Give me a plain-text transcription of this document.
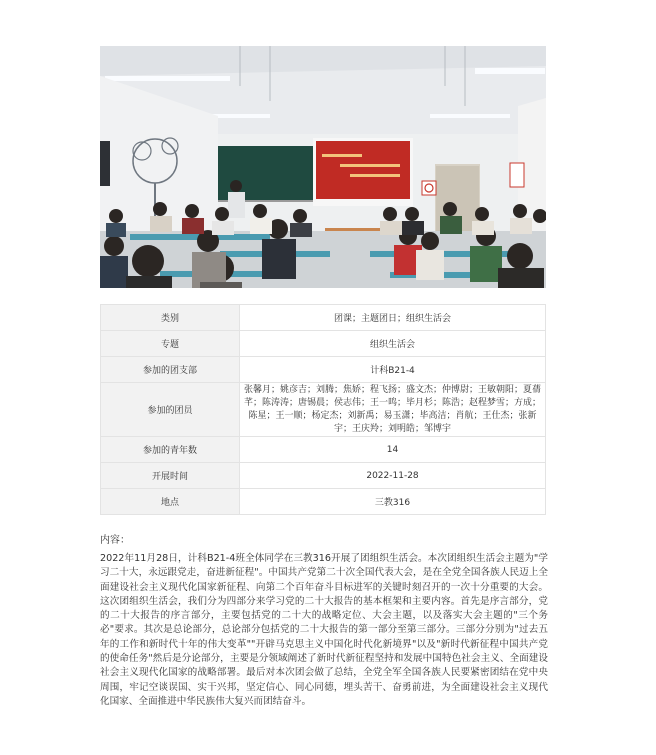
类别	团课；主题团日；组织生活会
专题	组织生活会
参加的团支部	计科B21-4
参加的团员	张馨月；姚彦吉；刘腾；焦娇；程飞扬；盛文杰；仲博尉；王敏朝阳；夏蒨芊；陈涛涛；唐锡晨；侯志伟；王一鸣；毕月杉；陈浩；赵程梦雪；方成；陈星；王一顺；杨定杰；刘新禹；易玉潇；毕高洁；肖航；王仕杰；张新宇；王庆羚；刘明皓；邹博宇
参加的青年数	14
开展时间	2022-11-28
地点	三教316
内容：

2022年11月28日，计科B21-4班全体同学在三教316开展了团组织生活会。本次团组织生活会主题为"学习二十大，永远跟党走，奋进新征程"。中国共产党第二十次全国代表大会，是在全党全国各族人民迈上全面建设社会主义现代化国家新征程、向第二个百年奋斗目标进军的关键时刻召开的一次十分重要的大会。这次团组织生活会，我们分为四部分来学习党的二十大报告的基本框架和主要内容。首先是序言部分，党的二十大报告的序言部分，主要包括党的二十大的战略定位、大会主题，以及落实大会主题的"三个务必"要求。其次是总论部分，总论部分包括党的二十大报告的第一部分至第三部分。三部分分别为"过去五年的工作和新时代十年的伟大变革""开辟马克思主义中国化时代化新境界"以及"新时代新征程中国共产党的使命任务"然后是分论部分，主要是分领域阐述了新时代新征程坚持和发展中国特色社会主义、全面建设社会主义现代化国家的战略部署。最后对本次团会做了总结，全党全军全国各族人民要紧密团结在党中央周围，牢记空谈误国、实干兴邦，坚定信心、同心同德，埋头苦干、奋勇前进，为全面建设社会主义现代化国家、全面推进中华民族伟大复兴而团结奋斗。
